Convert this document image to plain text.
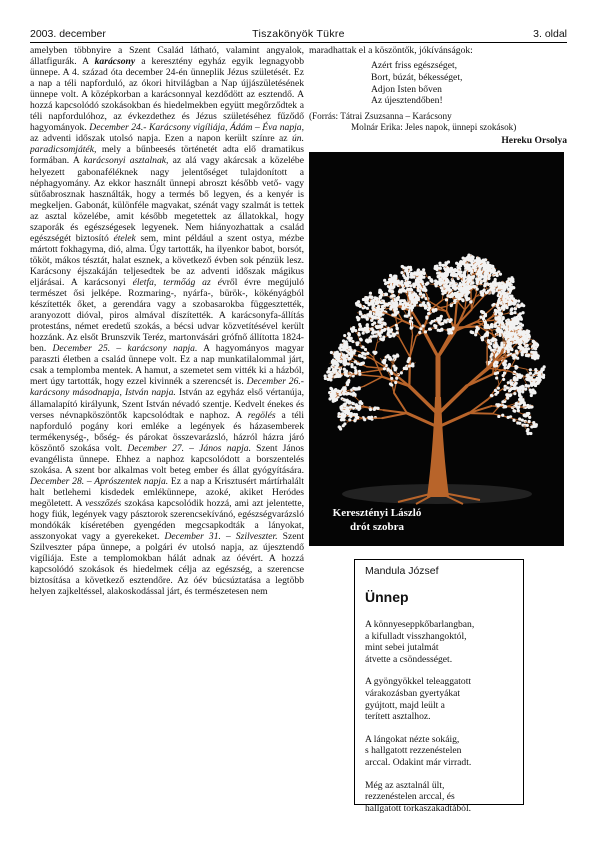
2003. december	Tiszakönyök Tükre	3. oldal

amelyben többnyire a Szent Család látható, valamint angyalok, állatfigurák. A karácsony a keresztény egyház egyik legnagyobb ünnepe. A 4. század óta december 24-én ünneplik Jézus születését. Ez a nap a téli napforduló, az ókori hitvilágban a Nap újjászületésének ünnepe volt. A középkorban a karácsonnyal kezdődött az esztendő. A hozzá kapcsolódó szokásokban és hiedelmekben együtt megőrződtek a téli napfordulóhoz, az évkezdethez és Jézus születéséhez fűződő hagyományok. December 24.- Karácsony vigíliája, Ádám – Éva napja, az adventi időszak utolsó napja. Ezen a napon került színre az ún. paradicsomjáték, mely a bűnbeesés történetét adta elő dramatikus formában. A karácsonyi asztalnak, az alá vagy akárcsak a közelébe helyezett gabonaféléknek nagy jelentőséget tulajdonított a néphagyomány. Az ekkor használt ünnepi abroszt később vető- vagy sütőabrosznak használták, hogy a termés bő legyen, és a kenyér is megkeljen. Gabonát, különféle magvakat, szénát vagy szalmát is tettek az asztal közelébe, amit később megetettek az állatokkal, hogy szaporák és egészségesek legyenek. Nem hiányozhattak a család egészségét biztosító ételek sem, mint például a szent ostya, mézbe mártott fokhagyma, dió, alma. Úgy tartották, ha ilyenkor babot, borsót, tököt, mákos tésztát, halat esznek, a következő évben sok pénzük lesz. Karácsony éjszakáján teljesedtek be az adventi időszak mágikus eljárásai. A karácsonyi életfa, termőág az évről évre megújuló természet ősi jelképe. Rozmaring-, nyárfa-, bürök-, kökényágból készítették őket, a gerendára vagy a szobasarokba függesztették, aranyozott dióval, piros almával díszítették. A karácsonyfa-állítás protestáns, német eredetű szokás, a bécsi udvar közvetítésével került hozzánk. Az elsőt Brunszvik Teréz, martonvásári grófnő állította 1824-ben. December 25. – karácsony napja. A hagyományos magyar paraszti életben a család ünnepe volt. Ez a nap munkatilalommal járt, csak a templomba mentek. A hamut, a szemetet sem vitték ki a házból, mert úgy tartották, hogy ezzel kivinnék a szerencsét is. December 26.-karácsony másodnapja, István napja. István az egyház első vértanúja, államalapító királyunk, Szent István névadó szentje. Kedvelt énekes és verses névnapköszöntők kapcsolódtak e naphoz. A regölés a téli napforduló pogány kori emléke a legények és házasemberek termékenység-, bőség- és párokat összevarázsló, házról házra járó köszöntő szokása volt. December 27. – János napja. Szent János evangélista ünnepe. Ehhez a naphoz kapcsolódott a borszentelés szokása. A szent bor alkalmas volt beteg ember és állat gyógyítására. December 28. – Aprószentek napja. Ez a nap a Krisztusért mártírhalált halt betlehemi kisdedek emlékünnepe, azoké, akiket Heródes megöletett. A vesszőzés szokása kapcsolódik hozzá, ami azt jelentette, hogy fiúk, legények vagy pásztorok szerencsekívánó, egészségvarázsló mondókák kíséretében gyengéden megcsapkodták a lányokat, asszonyokat vagy a gyerekeket. December 31. – Szilveszter. Szent Szilveszter pápa ünnepe, a polgári év utolsó napja, az újesztendő vigíliája. Este a templomokban hálát adnak az óévért. A hozzá kapcsolódó szokások és hiedelmek célja az egészség, a szerencse biztosítása a következő esztendőre. Az óév búcsúztatása a legtöbb helyen zajkeltéssel, alakoskodással járt, és természetesen nem

maradhattak el a köszöntők, jókívánságok:

Azért friss egészséget,
Bort, búzát, békességet,
Adjon Isten bőven
Az újesztendőben!
(Forrás: Tátrai Zsuzsanna – Karácsony
Molnár Erika: Jeles napok, ünnepi szokások)
Hereku Orsolya
Keresztényi László
drót szobra
Mandula József
Ünnep
A könnyeseppkőbarlangban,
a kifulladt visszhangoktól,
mint sebei jutalmát
átvette a csöndességet.
A gyöngyökkel teleaggatott
várakozásban gyertyákat
gyújtott, majd leült a
terített asztalhoz.
A lángokat nézte sokáig,
s hallgatott rezzenéstelen
arccal. Odakint már virradt.
Még az asztalnál ült,
rezzenéstelen arccal, és
hallgatott torkaszakadtából.
